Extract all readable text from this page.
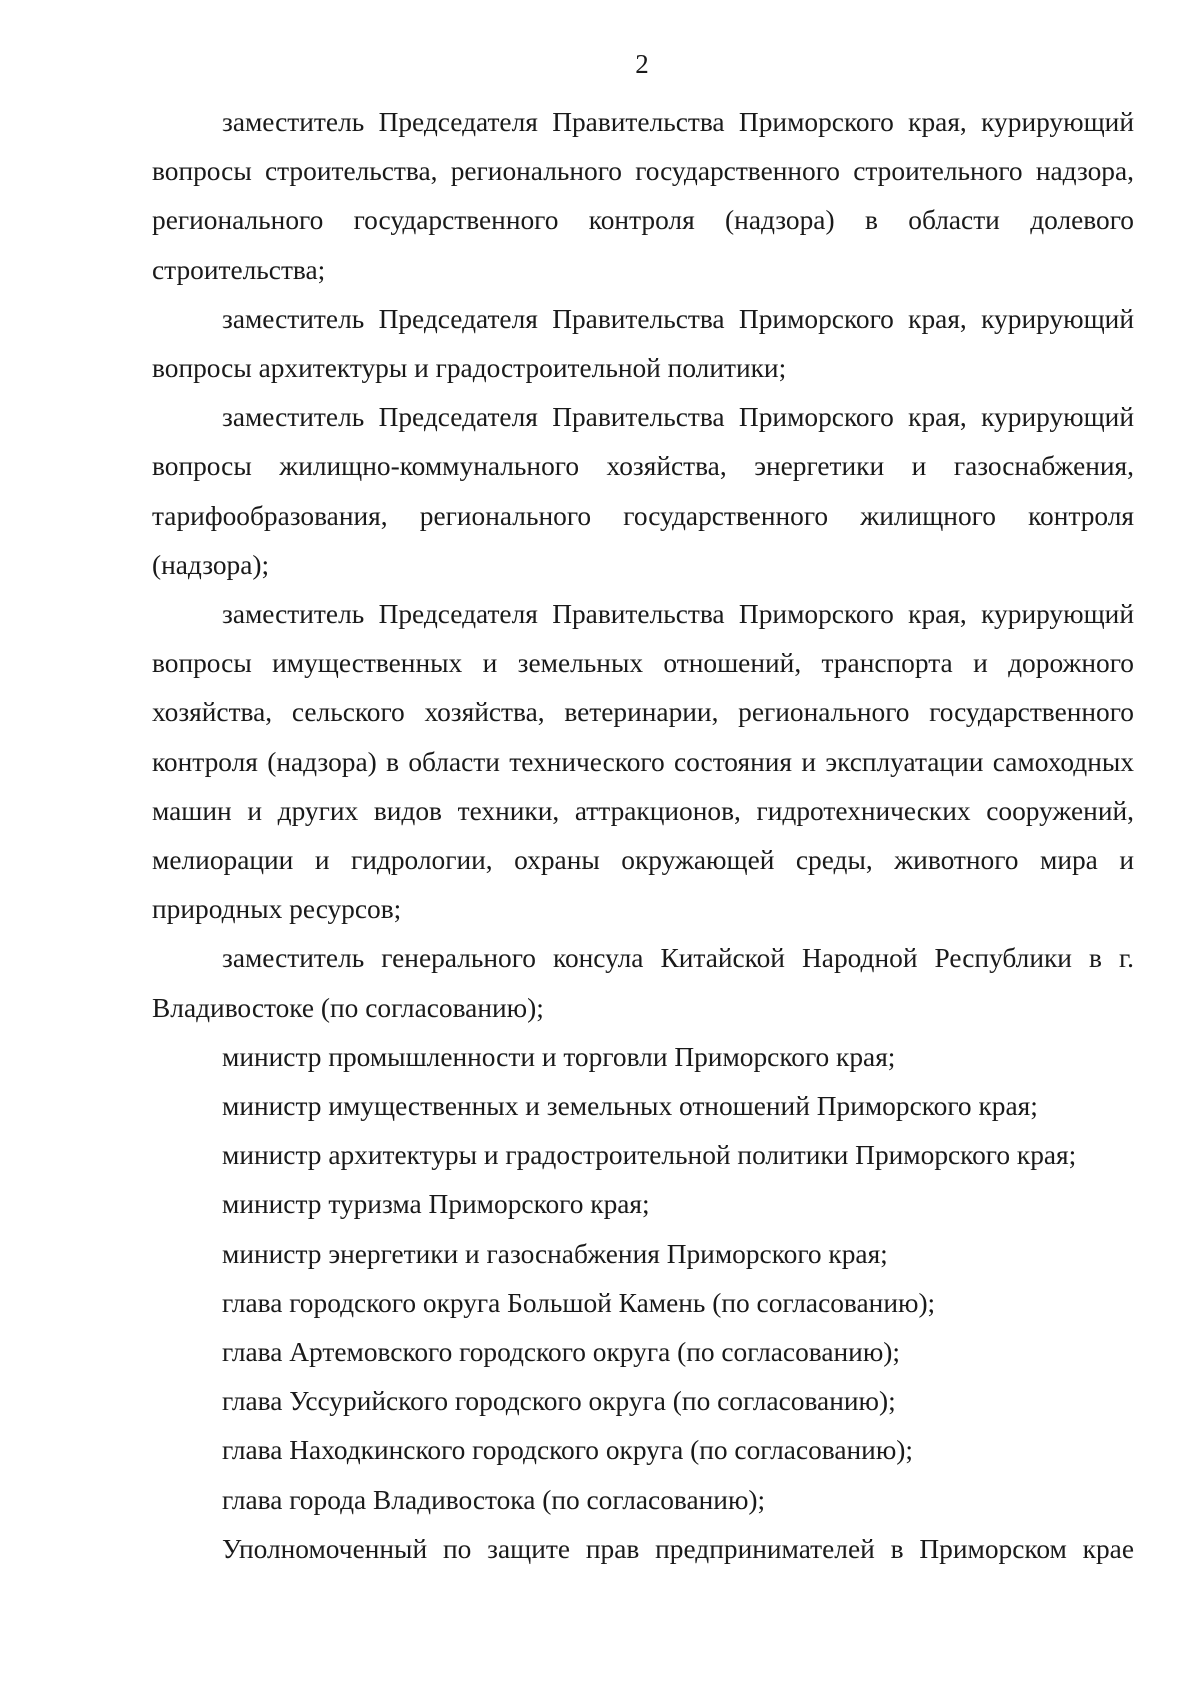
2

заместитель Председателя Правительства Приморского края, курирующий вопросы строительства, регионального государственного строительного надзора, регионального государственного контроля (надзора) в области долевого строительства;

заместитель Председателя Правительства Приморского края, курирующий вопросы архитектуры и градостроительной политики;

заместитель Председателя Правительства Приморского края, курирующий вопросы жилищно-коммунального хозяйства, энергетики и газоснабжения, тарифообразования, регионального государственного жилищного контроля (надзора);

заместитель Председателя Правительства Приморского края, курирующий вопросы имущественных и земельных отношений, транспорта и дорожного хозяйства, сельского хозяйства, ветеринарии, регионального государственного контроля (надзора) в области технического состояния и эксплуатации самоходных машин и других видов техники, аттракционов, гидротехнических сооружений, мелиорации и гидрологии, охраны окружающей среды, животного мира и природных ресурсов;

заместитель генерального консула Китайской Народной Республики в г. Владивостоке (по согласованию);

министр промышленности и торговли Приморского края;

министр имущественных и земельных отношений Приморского края;

министр архитектуры и градостроительной политики Приморского края;

министр туризма Приморского края;

министр энергетики и газоснабжения Приморского края;

глава городского округа Большой Камень (по согласованию);

глава Артемовского городского округа (по согласованию);

глава Уссурийского городского округа (по согласованию);

глава Находкинского городского округа (по согласованию);

глава города Владивостока (по согласованию);

Уполномоченный по защите прав предпринимателей в Приморском крае
